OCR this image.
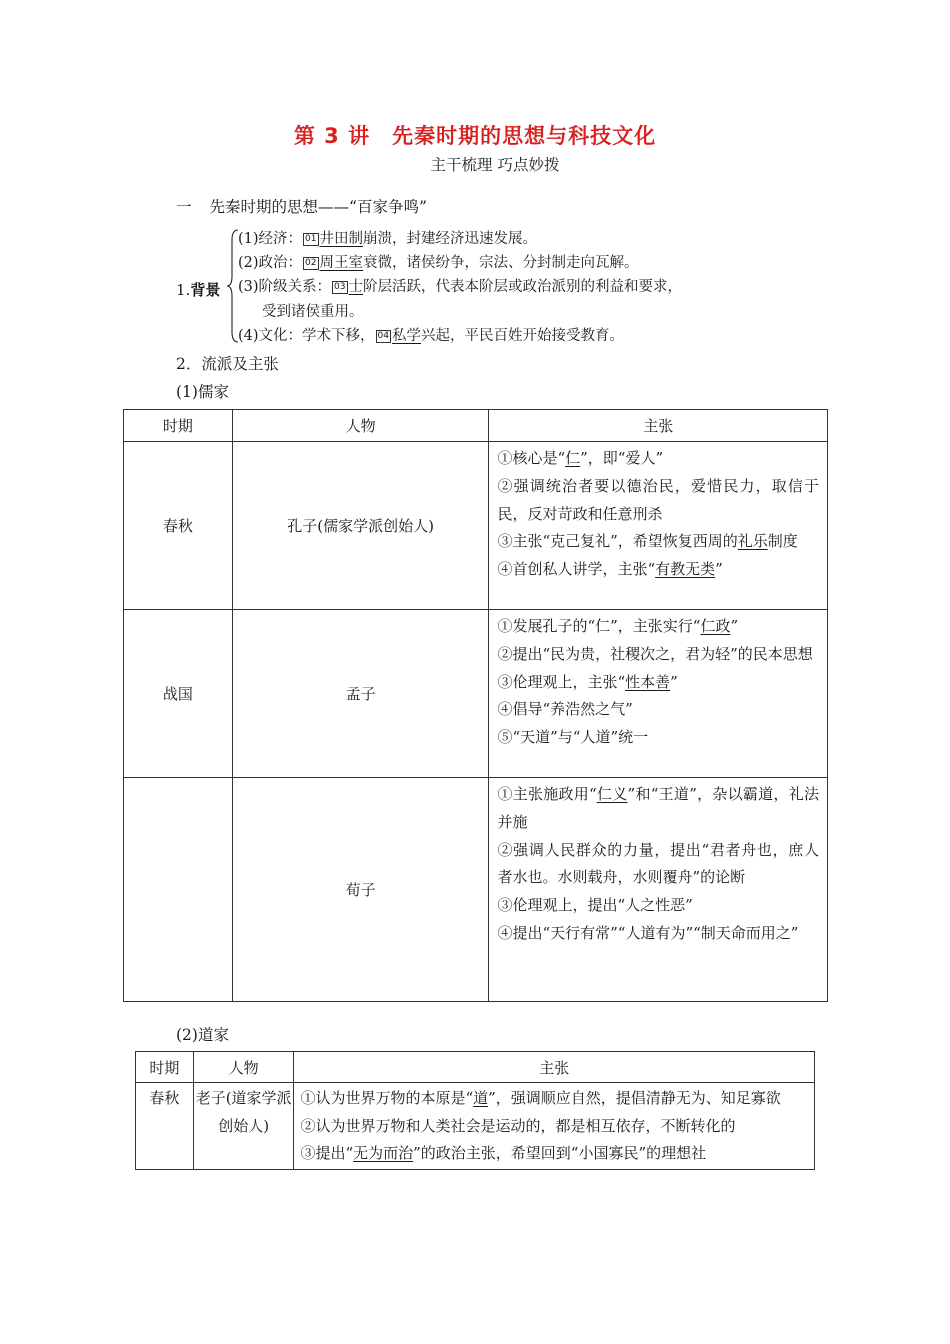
第 3 讲　先秦时期的思想与科技文化
主干梳理 巧点妙拨
一 先秦时期的思想——“百家争鸣”
1.背景
(1)经济： 01 井田制崩溃，封建经济迅速发展。
(2)政治： 02 周王室衰微，诸侯纷争，宗法、分封制走向瓦解。
(3)阶级关系： 03 士阶层活跃，代表本阶层或政治派别的利益和要求，
受到诸侯重用。
(4)文化：学术下移， 04 私学兴起，平民百姓开始接受教育。
2．流派及主张
(1)儒家
时期	人物	主张
春秋	孔子(儒家学派创始人)	①核心是“仁”，即“爱人”
②强调统治者要以德治民，爱惜民力，取信于民，反对苛政和任意刑杀
③主张“克己复礼”，希望恢复西周的礼乐制度
④首创私人讲学，主张“有教无类”

战国	孟子	①发展孔子的“仁”，主张实行“仁政”
②提出“民为贵，社稷次之，君为轻”的民本思想
③伦理观上，主张“性本善”
④倡导“养浩然之气”
⑤“天道”与“人道”统一

	荀子	①主张施政用“仁义”和“王道”，杂以霸道，礼法并施
②强调人民群众的力量，提出“君者舟也，庶人者水也。水则载舟，水则覆舟”的论断
③伦理观上，提出“人之性恶”
④提出“天行有常”“人道有为”“制天命而用之”
(2)道家
时期	人物	主张
春秋	老子(道家学派创始人)	①认为世界万物的本原是“道”，强调顺应自然，提倡清静无为、知足寡欲
②认为世界万物和人类社会是运动的，都是相互依存，不断转化的
③提出“无为而治”的政治主张，希望回到“小国寡民”的理想社
